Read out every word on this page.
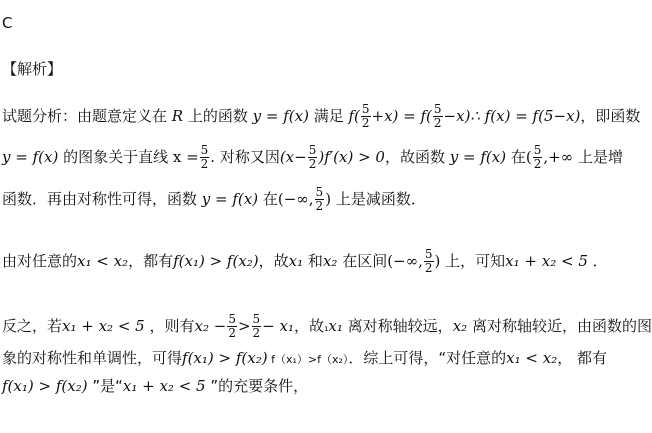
C
【解析】
试题分析：由题意定义在 R 上的函数 y = f(x) 满足 $f( \frac{5}{2} +x) = f( \frac{5}{2}$ −x)∴ f(x) = f(5−x)，即函数
y = f(x) 的图象关于直线 $x = \frac{5}{2}$ . 对称又因$(x- \frac{5}{2} )f'(x) > 0$，故函数 y = f(x) 在( $\frac{5}{2}$ ,+∞ 上是增
函数．再由对称性可得，函数 y = f(x) 在(−∞, $\frac{5}{2}$ ) 上是减函数．
由对任意的x₁ < x₂，都有f(x₁) > f(x₂)，故x₁ 和x₂ 在区间(−∞, $\frac{5}{2}$ ) 上，可知x₁ + x₂ < 5 ．
反之，若x₁ + x₂ < 5 ，则有$x_2 - \frac{5}{2} > \frac{5}{2} - x_1$，故₁x₁ 离对称轴较远，x₂ 离对称轴较近，由函数的图
象的对称性和单调性，可得f(x₁) > f(x₂) f（x₁）>f（x₂）．综上可得，“对任意的x₁ < x₂， 都有
f(x₁) > f(x₂) ”是“x₁ + x₂ < 5 ”的充要条件，
